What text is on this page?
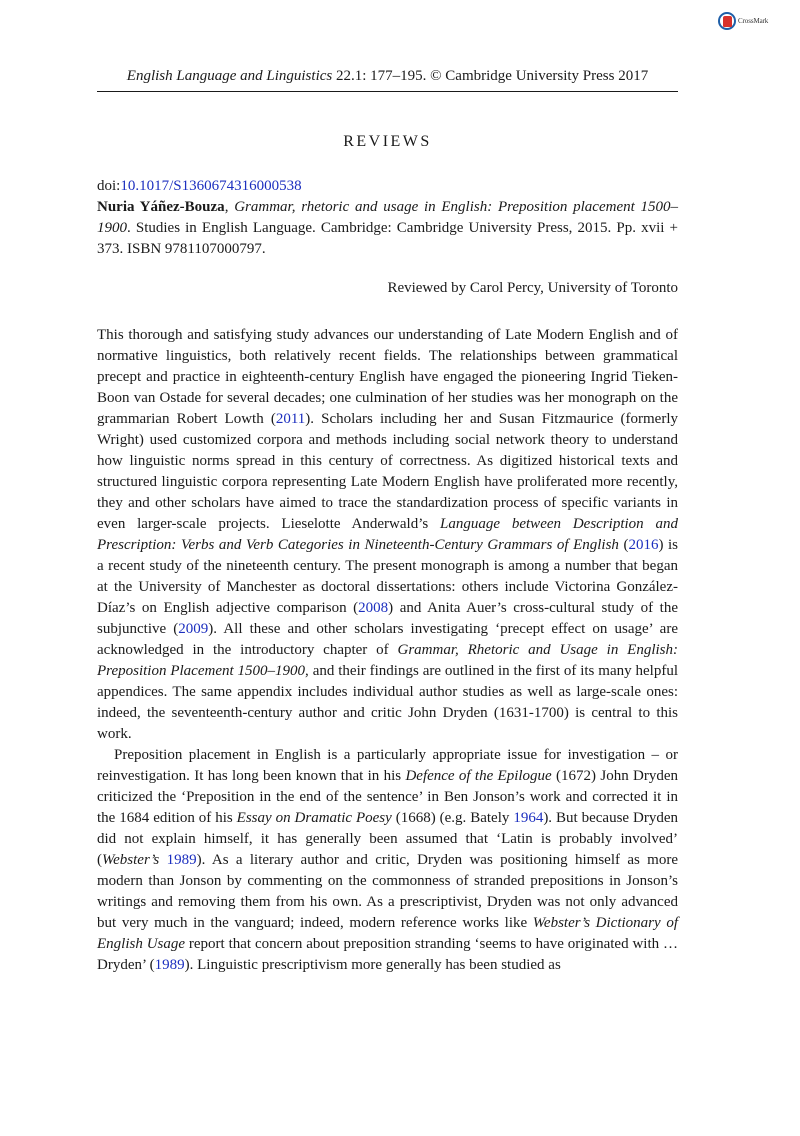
CrossMark
English Language and Linguistics 22.1: 177–195. © Cambridge University Press 2017
REVIEWS
doi:10.1017/S1360674316000538
Nuria Yáñez-Bouza, Grammar, rhetoric and usage in English: Preposition placement 1500–1900. Studies in English Language. Cambridge: Cambridge University Press, 2015. Pp. xvii + 373. ISBN 9781107000797.
Reviewed by Carol Percy, University of Toronto

This thorough and satisfying study advances our understanding of Late Modern English and of normative linguistics, both relatively recent fields. The relationships between grammatical precept and practice in eighteenth-century English have engaged the pioneering Ingrid Tieken-Boon van Ostade for several decades; one culmination of her studies was her monograph on the grammarian Robert Lowth (2011). Scholars including her and Susan Fitzmaurice (formerly Wright) used customized corpora and methods including social network theory to understand how linguistic norms spread in this century of correctness. As digitized historical texts and structured linguistic corpora representing Late Modern English have proliferated more recently, they and other scholars have aimed to trace the standardization process of specific variants in even larger-scale projects. Lieselotte Anderwald’s Language between Description and Prescription: Verbs and Verb Categories in Nineteenth-Century Grammars of English (2016) is a recent study of the nineteenth century. The present monograph is among a number that began at the University of Manchester as doctoral dissertations: others include Victorina González-Díaz’s on English adjective comparison (2008) and Anita Auer’s cross-cultural study of the subjunctive (2009). All these and other scholars investigating ‘precept effect on usage’ are acknowledged in the introductory chapter of Grammar, Rhetoric and Usage in English: Preposition Placement 1500–1900, and their findings are outlined in the first of its many helpful appendices. The same appendix includes individual author studies as well as large-scale ones: indeed, the seventeenth-century author and critic John Dryden (1631-1700) is central to this work.

Preposition placement in English is a particularly appropriate issue for investigation – or reinvestigation. It has long been known that in his Defence of the Epilogue (1672) John Dryden criticized the ‘Preposition in the end of the sentence’ in Ben Jonson’s work and corrected it in the 1684 edition of his Essay on Dramatic Poesy (1668) (e.g. Bately 1964). But because Dryden did not explain himself, it has generally been assumed that ‘Latin is probably involved’ (Webster’s 1989). As a literary author and critic, Dryden was positioning himself as more modern than Jonson by commenting on the commonness of stranded prepositions in Jonson’s writings and removing them from his own. As a prescriptivist, Dryden was not only advanced but very much in the vanguard; indeed, modern reference works like Webster’s Dictionary of English Usage report that concern about preposition stranding ‘seems to have originated with … Dryden’ (1989). Linguistic prescriptivism more generally has been studied as
